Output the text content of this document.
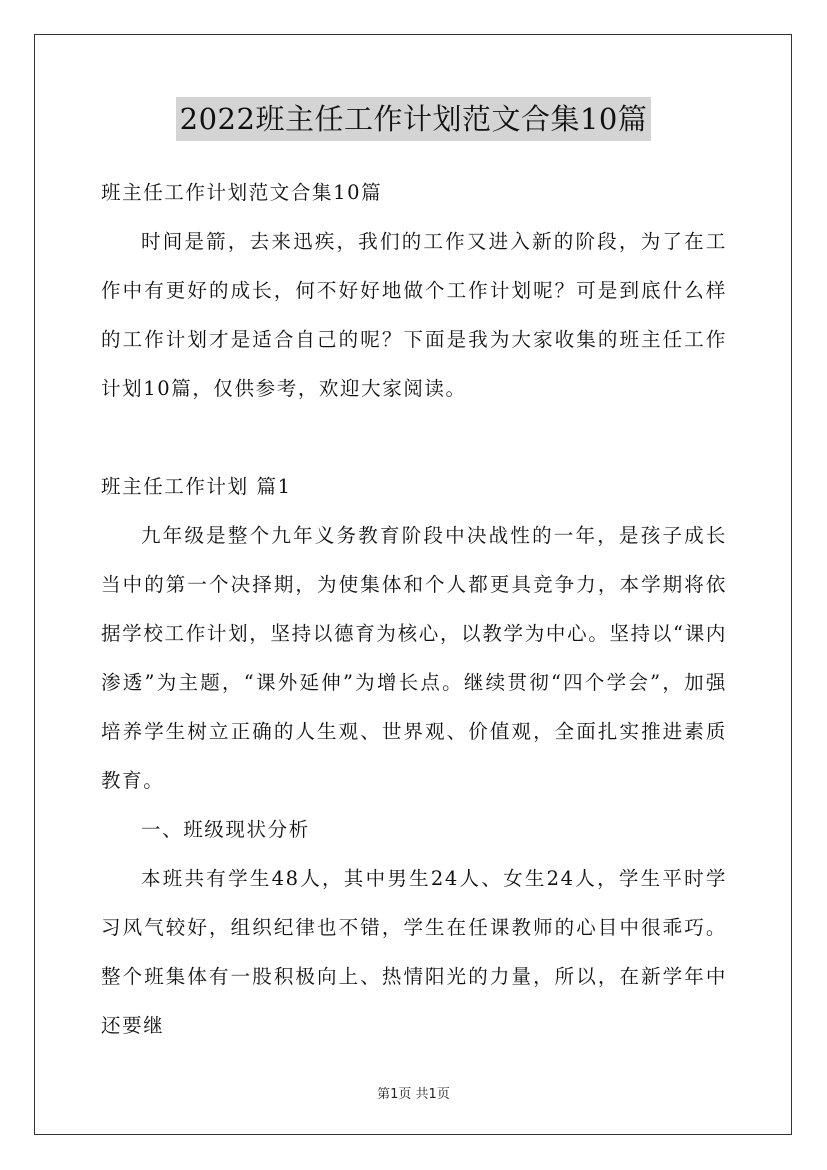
2022班主任工作计划范文合集10篇

班主任工作计划范文合集10篇

时间是箭，去来迅疾，我们的工作又进入新的阶段，为了在工作中有更好的成长，何不好好地做个工作计划呢？可是到底什么样的工作计划才是适合自己的呢？下面是我为大家收集的班主任工作计划10篇，仅供参考，欢迎大家阅读。

班主任工作计划 篇1

九年级是整个九年义务教育阶段中决战性的一年，是孩子成长当中的第一个决择期，为使集体和个人都更具竞争力，本学期将依据学校工作计划，坚持以德育为核心，以教学为中心。坚持以“课内渗透”为主题，“课外延伸”为增长点。继续贯彻“四个学会”，加强培养学生树立正确的人生观、世界观、价值观，全面扎实推进素质教育。

一、班级现状分析

本班共有学生48人，其中男生24人、女生24人，学生平时学习风气较好，组织纪律也不错，学生在任课教师的心目中很乖巧。整个班集体有一股积极向上、热情阳光的力量，所以，在新学年中还要继

第1页 共1页
